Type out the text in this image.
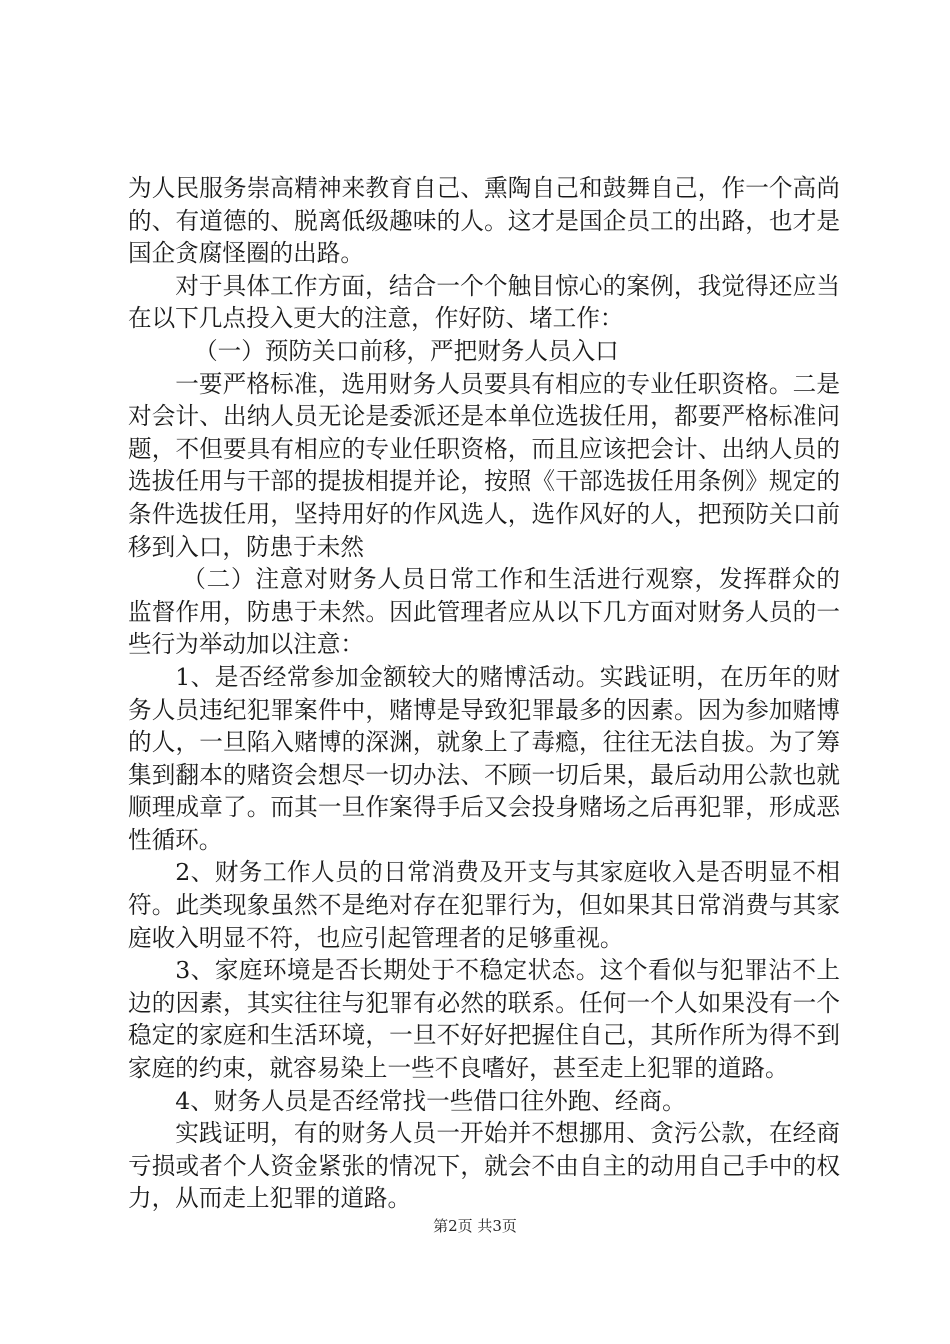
为人民服务崇高精神来教育自己、熏陶自己和鼓舞自己，作一个高尚的、有道德的、脱离低级趣味的人。这才是国企员工的出路，也才是国企贪腐怪圈的出路。

对于具体工作方面，结合一个个触目惊心的案例，我觉得还应当在以下几点投入更大的注意，作好防、堵工作：

（一）预防关口前移，严把财务人员入口

一要严格标准，选用财务人员要具有相应的专业任职资格。二是对会计、出纳人员无论是委派还是本单位选拔任用，都要严格标准问题，不但要具有相应的专业任职资格，而且应该把会计、出纳人员的选拔任用与干部的提拔相提并论，按照《干部选拔任用条例》规定的条件选拔任用，坚持用好的作风选人，选作风好的人，把预防关口前移到入口，防患于未然

（二）注意对财务人员日常工作和生活进行观察，发挥群众的监督作用，防患于未然。因此管理者应从以下几方面对财务人员的一些行为举动加以注意：

1、是否经常参加金额较大的赌博活动。实践证明，在历年的财务人员违纪犯罪案件中，赌博是导致犯罪最多的因素。因为参加赌博的人，一旦陷入赌博的深渊，就象上了毒瘾，往往无法自拔。为了筹集到翻本的赌资会想尽一切办法、不顾一切后果，最后动用公款也就顺理成章了。而其一旦作案得手后又会投身赌场之后再犯罪，形成恶性循环。

2、财务工作人员的日常消费及开支与其家庭收入是否明显不相符。此类现象虽然不是绝对存在犯罪行为，但如果其日常消费与其家庭收入明显不符，也应引起管理者的足够重视。

3、家庭环境是否长期处于不稳定状态。这个看似与犯罪沾不上边的因素，其实往往与犯罪有必然的联系。任何一个人如果没有一个稳定的家庭和生活环境，一旦不好好把握住自己，其所作所为得不到家庭的约束，就容易染上一些不良嗜好，甚至走上犯罪的道路。

4、财务人员是否经常找一些借口往外跑、经商。

实践证明，有的财务人员一开始并不想挪用、贪污公款，在经商亏损或者个人资金紧张的情况下，就会不由自主的动用自己手中的权力，从而走上犯罪的道路。

第2页 共3页
